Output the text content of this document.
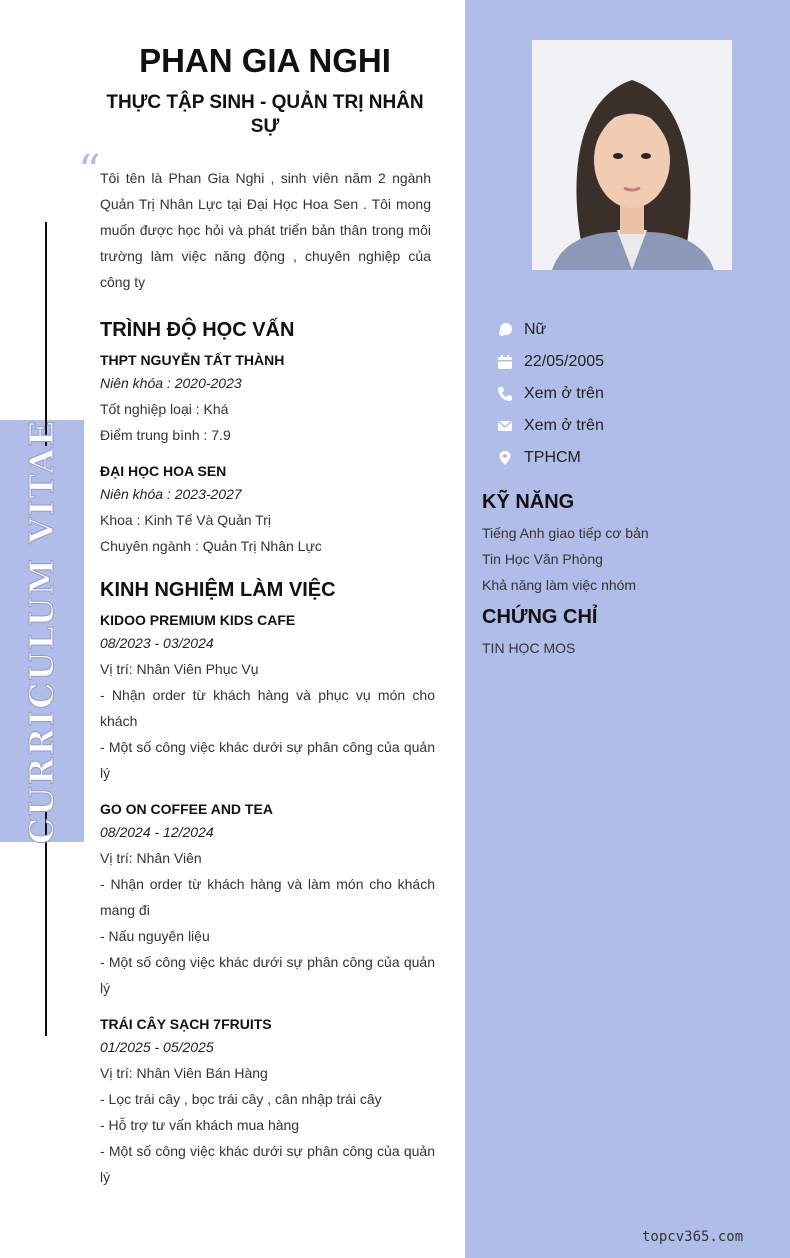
CURRICULUM VITAE
PHAN GIA NGHI
THỰC TẬP SINH - QUẢN TRỊ NHÂN SỰ
“ Tôi tên là Phan Gia Nghi , sinh viên năm 2 ngành Quản Trị Nhân Lực tại Đại Học Hoa Sen . Tôi mong muốn được học hỏi và phát triển bản thân trong môi trường làm việc năng động , chuyên nghiệp của công ty

TRÌNH ĐỘ HỌC VẤN

THPT NGUYỄN TẤT THÀNH

Niên khóa : 2020-2023

Tốt nghiệp loại : Khá

Điểm trung bình : 7.9

ĐẠI HỌC HOA SEN

Niên khóa : 2023-2027

Khoa : Kinh Tế Và Quản Trị

Chuyên ngành : Quản Trị Nhân Lực

KINH NGHIỆM LÀM VIỆC

KIDOO PREMIUM KIDS CAFE

08/2023 - 03/2024

Vị trí: Nhân Viên Phục Vụ

- Nhận order từ khách hàng và phục vụ món cho khách

- Một số công việc khác dưới sự phân công của quản lý

GO ON COFFEE AND TEA

08/2024 - 12/2024

Vị trí: Nhân Viên

- Nhận order từ khách hàng và làm món cho khách mang đi

- Nấu nguyên liệu

- Một số công việc khác dưới sự phân công của quản lý

TRÁI CÂY SẠCH 7FRUITS

01/2025 - 05/2025

Vị trí: Nhân Viên Bán Hàng

- Lọc trái cây , bọc trái cây , cân nhập trái cây

- Hỗ trợ tư vấn khách mua hàng

- Một số công việc khác dưới sự phân công của quản lý

Nữ
22/05/2005
Xem ở trên
Xem ở trên
TPHCM
KỸ NĂNG

Tiếng Anh giao tiếp cơ bản

Tin Học Văn Phòng

Khả năng làm việc nhóm

CHỨNG CHỈ

TIN HỌC MOS

topcv365.com
